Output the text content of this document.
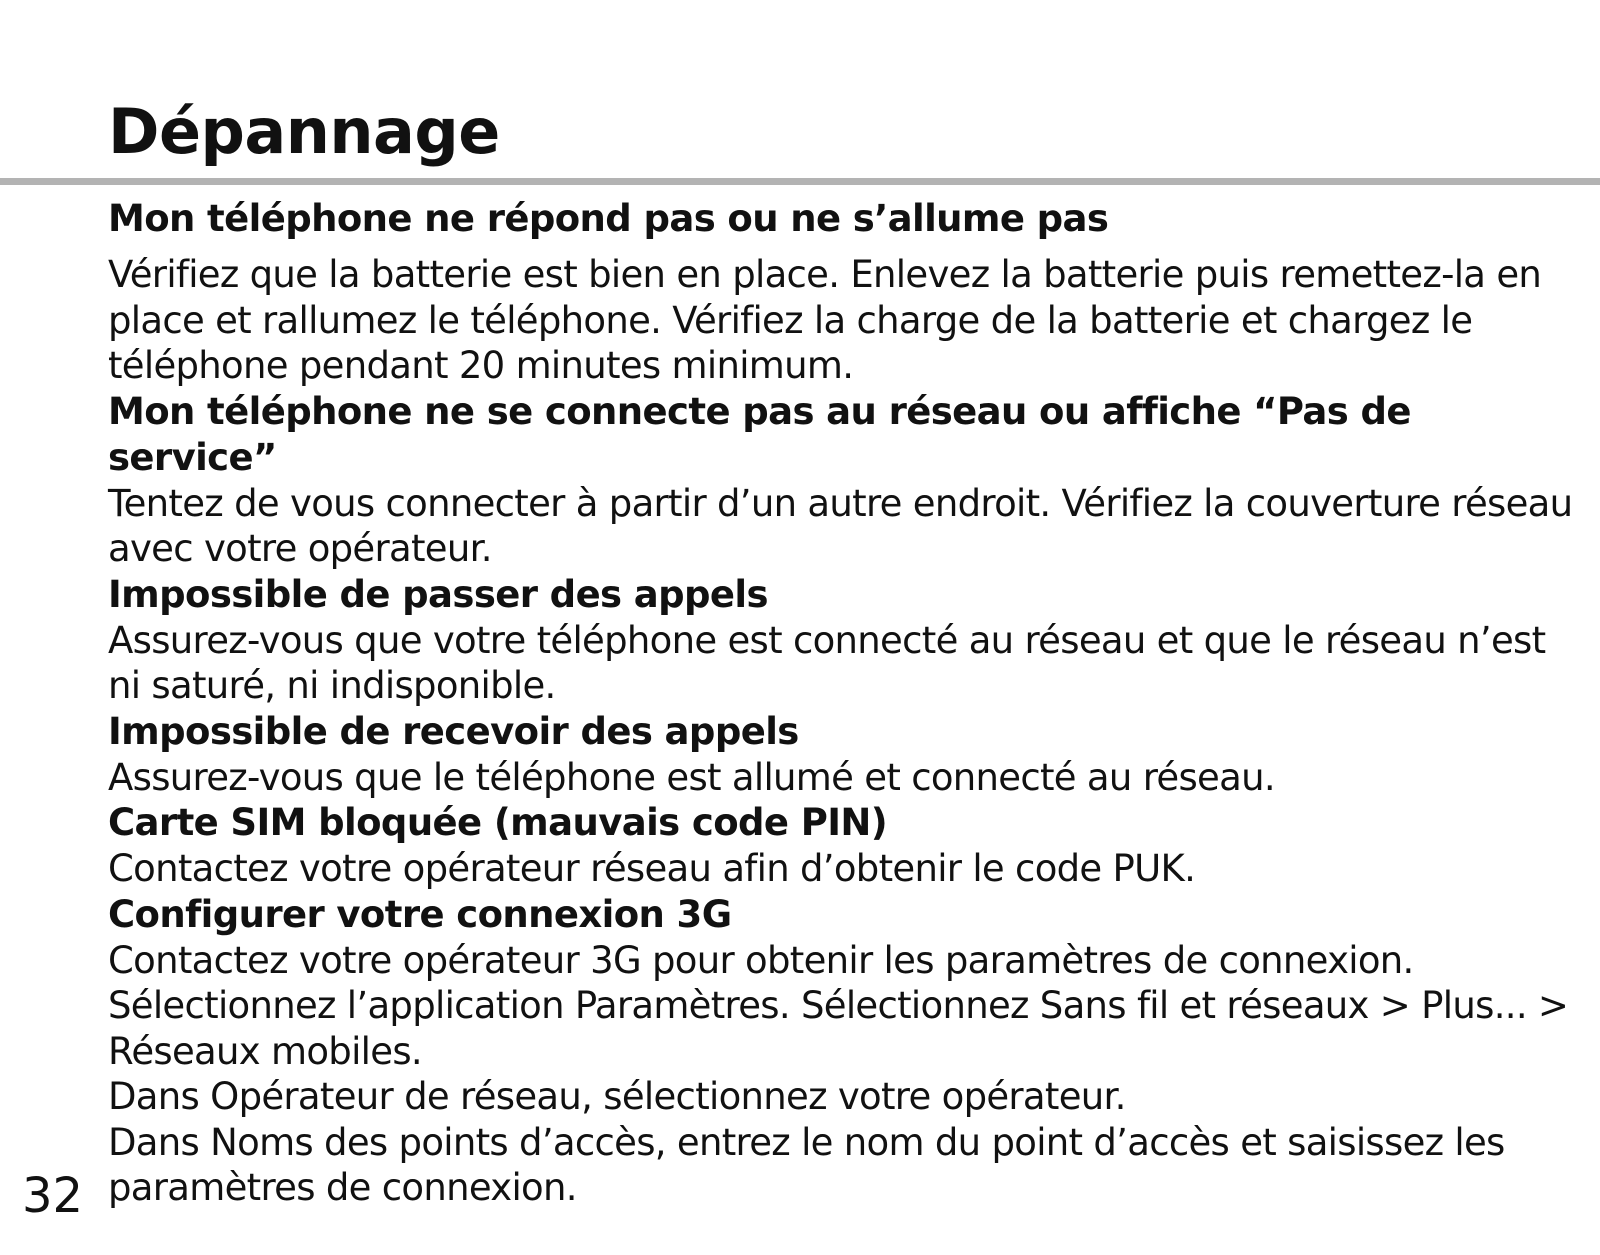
Dépannage
Mon téléphone ne répond pas ou ne s’allume pas

Vérifiez que la batterie est bien en place. Enlevez la batterie puis remettez-la en place et rallumez le téléphone. Vérifiez la charge de la batterie et chargez le téléphone pendant 20 minutes minimum.

Mon téléphone ne se connecte pas au réseau ou affiche “Pas de service”

Tentez de vous connecter à partir d’un autre endroit. Vérifiez la couverture réseau avec votre opérateur.

Impossible de passer des appels

Assurez-vous que votre téléphone est connecté au réseau et que le réseau n’est ni saturé, ni indisponible.

Impossible de recevoir des appels

Assurez-vous que le téléphone est allumé et connecté au réseau.

Carte SIM bloquée (mauvais code PIN)

Contactez votre opérateur réseau afin d’obtenir le code PUK.

Configurer votre connexion 3G

Contactez votre opérateur 3G pour obtenir les paramètres de connexion. Sélectionnez l’application Paramètres. Sélectionnez Sans fil et réseaux > Plus... > Réseaux mobiles.

Dans Opérateur de réseau, sélectionnez votre opérateur.

Dans Noms des points d’accès, entrez le nom du point d’accès et saisissez les paramètres de connexion.

32
